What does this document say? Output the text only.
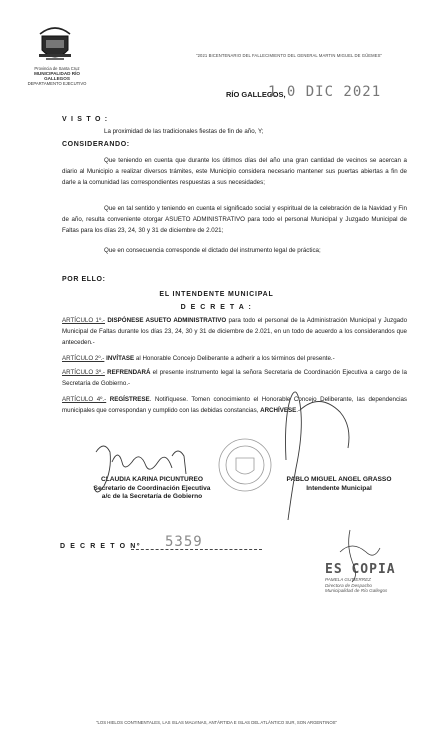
Provincia de Santa Cruz
MUNICIPALIDAD RÍO GALLEGOS
DEPARTAMENTO EJECUTIVO
"2021 BICENTENARIO DEL FALLECIMIENTO DEL GENERAL MARTIN MIGUEL DE GÜEMES"
RÍO GALLEGOS,
1 0 DIC 2021
V I S T O :
La proximidad de las tradicionales fiestas de fin de año, Y;
CONSIDERANDO:
Que teniendo en cuenta que durante los últimos días del año una gran cantidad de vecinos se acercan a diario al Municipio a realizar diversos trámites, este Municipio considera necesario mantener sus puertas abiertas a fin de darle a la comunidad las correspondientes respuestas a sus necesidades;
Que en tal sentido y teniendo en cuenta el significado social y espiritual de la celebración de la Navidad y Fin de año, resulta conveniente otorgar ASUETO ADMINISTRATIVO para todo el personal Municipal y Juzgado Municipal de Faltas para los días 23, 24, 30 y 31 de diciembre de 2.021;
Que en consecuencia corresponde el dictado del instrumento legal de práctica;
POR ELLO:
EL INTENDENTE MUNICIPAL
D E C R E T A :
ARTÍCULO 1º.- DISPÓNESE ASUETO ADMINISTRATIVO para todo el personal de la Administración Municipal y Juzgado Municipal de Faltas durante los días 23, 24, 30 y 31 de diciembre de 2.021, en un todo de acuerdo a los considerandos que anteceden.-
ARTÍCULO 2º.- INVÍTASE al Honorable Concejo Deliberante a adherir a los términos del presente.-
ARTÍCULO 3º.- REFRENDARÁ el presente instrumento legal la señora Secretaria de Coordinación Ejecutiva a cargo de la Secretaría de Gobierno.-
ARTÍCULO 4º.- REGÍSTRESE. Notifíquese. Tomen conocimiento el Honorable Concejo Deliberante, las dependencias municipales que correspondan y cumplido con las debidas constancias, ARCHÍVESE.-
CLAUDIA KARINA PICUNTUREO
Secretario de Coordinación Ejecutiva
a/c de la Secretaría de Gobierno
PABLO MIGUEL ANGEL GRASSO
Intendente Municipal
D E C R E T O Nº 5359
ES COPIA
PAMELA GUTIERREZ
Directora de Despacho
Municipalidad de Río Gallegos
"LOS HIELOS CONTINENTALES, LAS ISLAS MALVINAS, ANTÁRTIDA E ISLAS DEL ATLÁNTICO SUR, SON ARGENTINOS"
